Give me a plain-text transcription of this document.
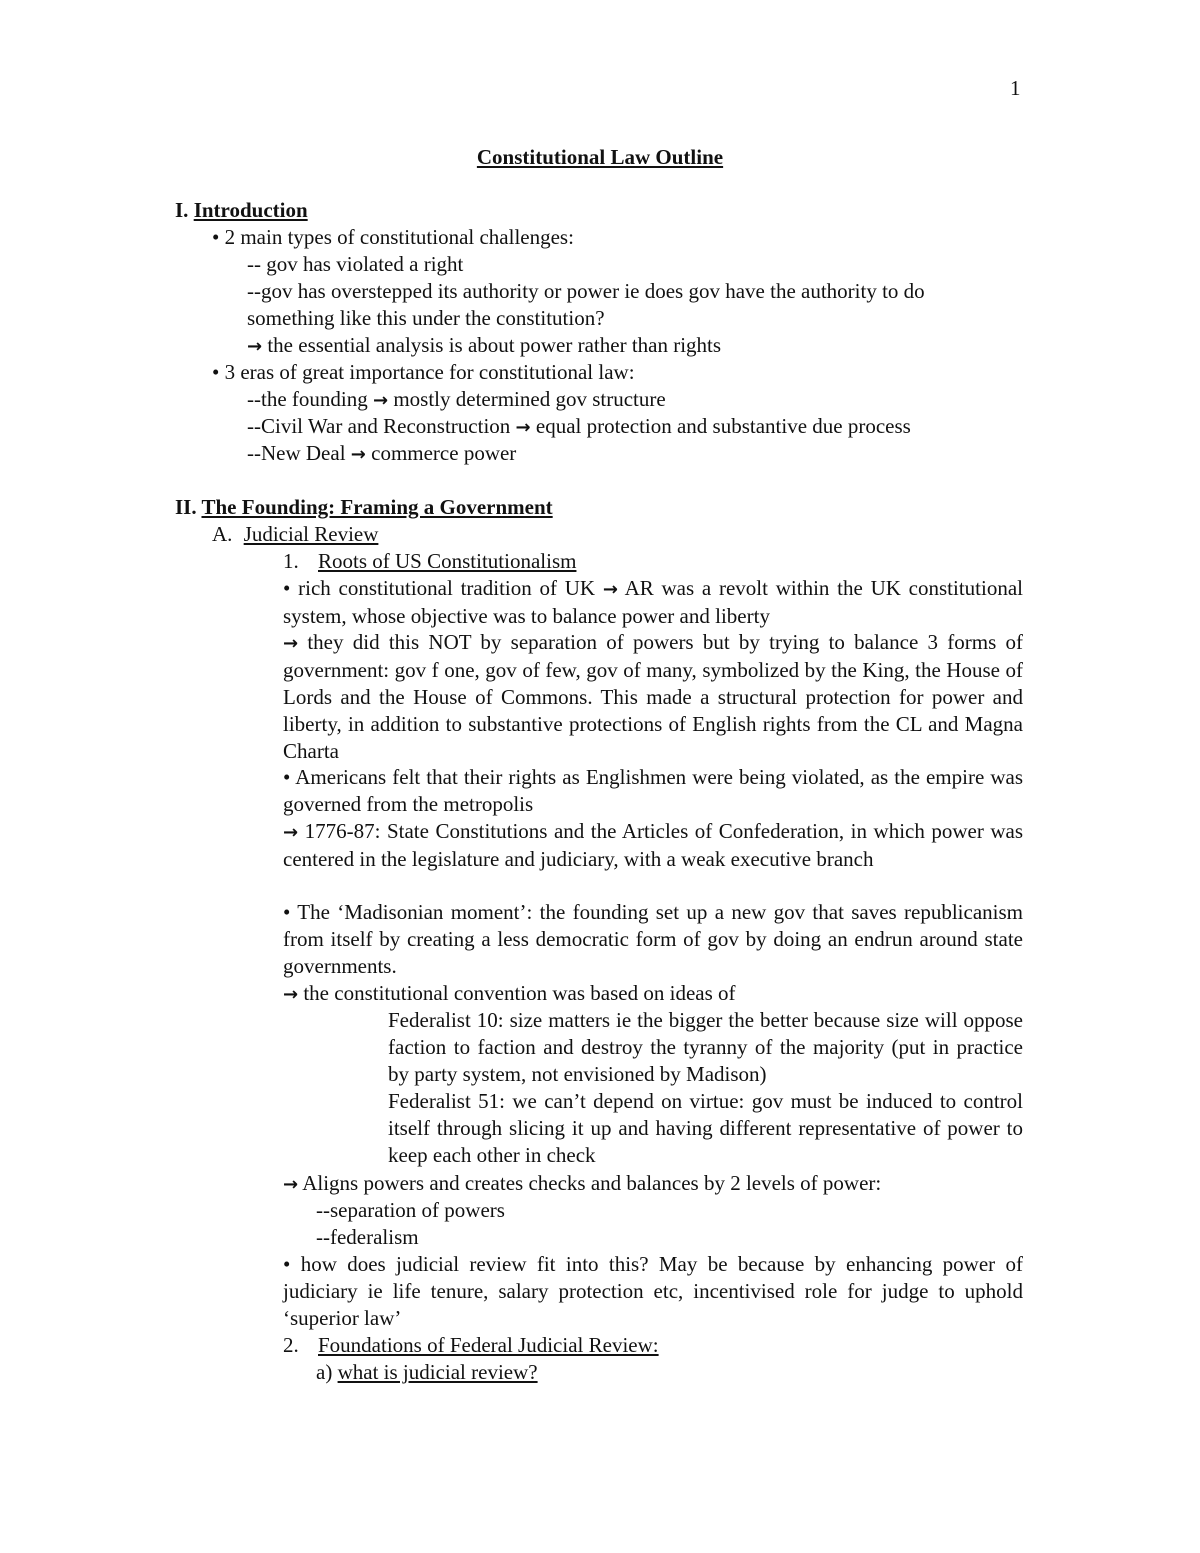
1
Constitutional Law Outline
I. Introduction
• 2 main types of constitutional challenges:
-- gov has violated a right
--gov has overstepped its authority or power ie does gov have the authority to do
something like this under the constitution?
→ the essential analysis is about power rather than rights
• 3 eras of great importance for constitutional law:
--the founding → mostly determined gov structure
--Civil War and Reconstruction → equal protection and substantive due process
--New Deal → commerce power
II. The Founding: Framing a Government
A. Judicial Review
1. Roots of US Constitutionalism
• rich constitutional tradition of UK → AR was a revolt within the UK constitutional system, whose objective was to balance power and liberty
→ they did this NOT by separation of powers but by trying to balance 3 forms of government: gov f one, gov of few, gov of many, symbolized by the King, the House of Lords and the House of Commons. This made a structural protection for power and liberty, in addition to substantive protections of English rights from the CL and Magna Charta
• Americans felt that their rights as Englishmen were being violated, as the empire was governed from the metropolis
→ 1776-87: State Constitutions and the Articles of Confederation, in which power was centered in the legislature and judiciary, with a weak executive branch
• The ‘Madisonian moment’: the founding set up a new gov that saves republicanism from itself by creating a less democratic form of gov by doing an endrun around state governments.
→ the constitutional convention was based on ideas of
Federalist 10: size matters ie the bigger the better because size will oppose faction to faction and destroy the tyranny of the majority (put in practice by party system, not envisioned by Madison)
Federalist 51: we can’t depend on virtue: gov must be induced to control itself through slicing it up and having different representative of power to keep each other in check
→ Aligns powers and creates checks and balances by 2 levels of power:
--separation of powers
--federalism
• how does judicial review fit into this? May be because by enhancing power of judiciary ie life tenure, salary protection etc, incentivised role for judge to uphold ‘superior law’
2. Foundations of Federal Judicial Review:
a) what is judicial review?
